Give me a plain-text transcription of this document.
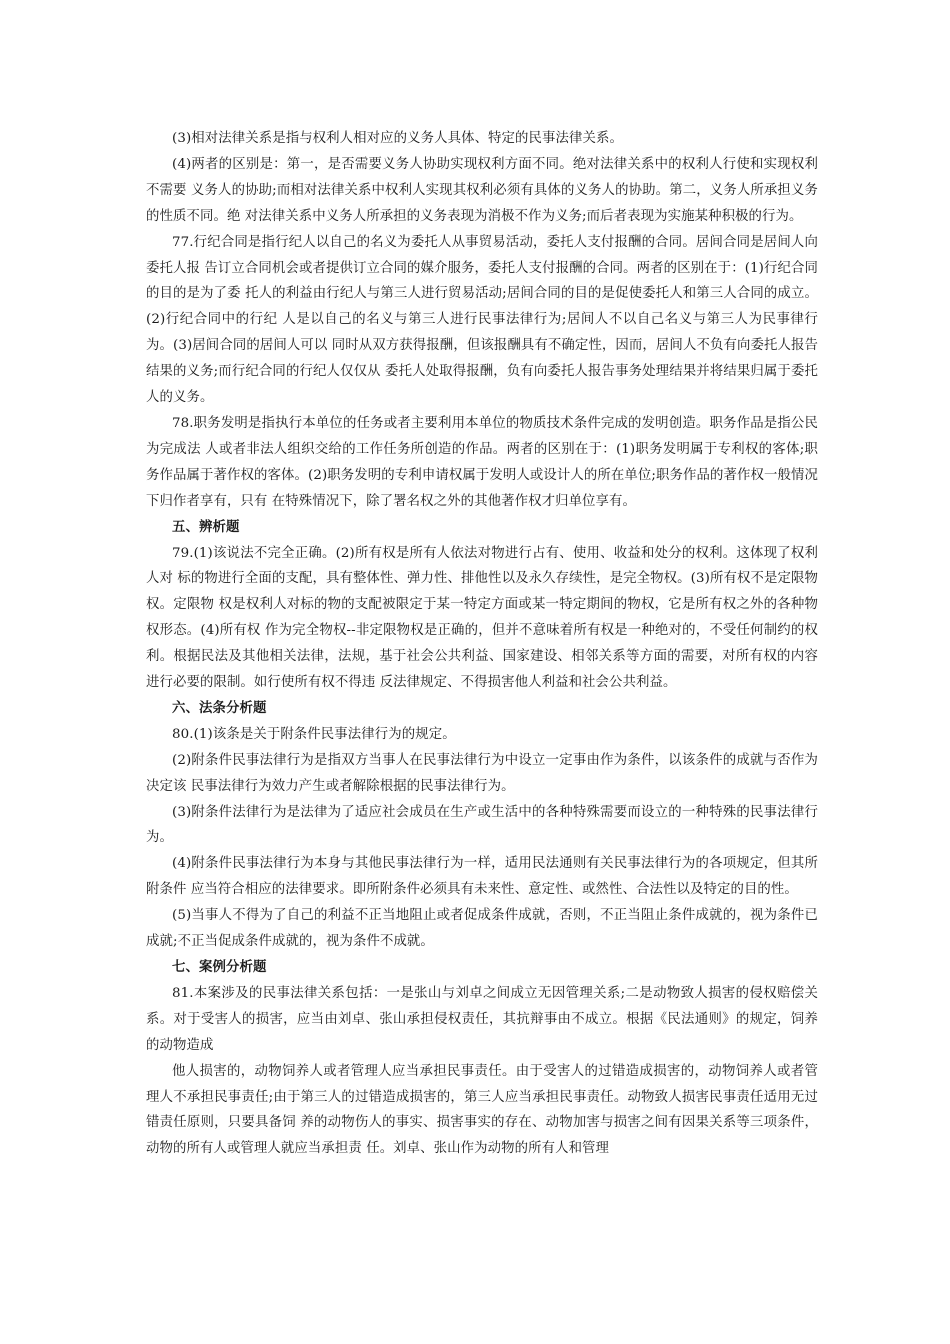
(3)相对法律关系是指与权利人相对应的义务人具体、特定的民事法律关系。

(4)两者的区别是：第一，是否需要义务人协助实现权利方面不同。绝对法律关系中的权利人行使和实现权利不需要 义务人的协助;而相对法律关系中权利人实现其权利必须有具体的义务人的协助。第二，义务人所承担义务的性质不同。绝 对法律关系中义务人所承担的义务表现为消极不作为义务;而后者表现为实施某种积极的行为。

77.行纪合同是指行纪人以自己的名义为委托人从事贸易活动，委托人支付报酬的合同。居间合同是居间人向委托人报 告订立合同机会或者提供订立合同的媒介服务，委托人支付报酬的合同。两者的区别在于：(1)行纪合同的目的是为了委 托人的利益由行纪人与第三人进行贸易活动;居间合同的目的是促使委托人和第三人合同的成立。(2)行纪合同中的行纪 人是以自己的名义与第三人进行民事法律行为;居间人不以自己名义与第三人为民事律行为。(3)居间合同的居间人可以 同时从双方获得报酬，但该报酬具有不确定性，因而，居间人不负有向委托人报告结果的义务;而行纪合同的行纪人仅仅从 委托人处取得报酬，负有向委托人报告事务处理结果并将结果归属于委托人的义务。

78.职务发明是指执行本单位的任务或者主要利用本单位的物质技术条件完成的发明创造。职务作品是指公民为完成法 人或者非法人组织交给的工作任务所创造的作品。两者的区别在于：(1)职务发明属于专利权的客体;职务作品属于著作权的客体。(2)职务发明的专利申请权属于发明人或设计人的所在单位;职务作品的著作权一般情况下归作者享有，只有 在特殊情况下，除了署名权之外的其他著作权才归单位享有。

五、辨析题

79.(1)该说法不完全正确。(2)所有权是所有人依法对物进行占有、使用、收益和处分的权利。这体现了权利人对 标的物进行全面的支配，具有整体性、弹力性、排他性以及永久存续性，是完全物权。(3)所有权不是定限物权。定限物 权是权利人对标的物的支配被限定于某一特定方面或某一特定期间的物权，它是所有权之外的各种物权形态。(4)所有权 作为完全物权--非定限物权是正确的，但并不意味着所有权是一种绝对的，不受任何制约的权利。根据民法及其他相关法律，法规，基于社会公共利益、国家建设、相邻关系等方面的需要，对所有权的内容进行必要的限制。如行使所有权不得违 反法律规定、不得损害他人利益和社会公共利益。

六、法条分析题

80.(1)该条是关于附条件民事法律行为的规定。

(2)附条件民事法律行为是指双方当事人在民事法律行为中设立一定事由作为条件，以该条件的成就与否作为决定该 民事法律行为效力产生或者解除根据的民事法律行为。

(3)附条件法律行为是法律为了适应社会成员在生产或生活中的各种特殊需要而设立的一种特殊的民事法律行为。

(4)附条件民事法律行为本身与其他民事法律行为一样，适用民法通则有关民事法律行为的各项规定，但其所附条件 应当符合相应的法律要求。即所附条件必须具有未来性、意定性、或然性、合法性以及特定的目的性。

(5)当事人不得为了自己的利益不正当地阻止或者促成条件成就，否则，不正当阻止条件成就的，视为条件已成就;不正当促成条件成就的，视为条件不成就。

七、案例分析题

81.本案涉及的民事法律关系包括：一是张山与刘卓之间成立无因管理关系;二是动物致人损害的侵权赔偿关系。对于受害人的损害，应当由刘卓、张山承担侵权责任，其抗辩事由不成立。根据《民法通则》的规定，饲养的动物造成

他人损害的，动物饲养人或者管理人应当承担民事责任。由于受害人的过错造成损害的，动物饲养人或者管理人不承担民事责任;由于第三人的过错造成损害的，第三人应当承担民事责任。动物致人损害民事责任适用无过错责任原则，只要具备饲 养的动物伤人的事实、损害事实的存在、动物加害与损害之间有因果关系等三项条件，动物的所有人或管理人就应当承担责 任。刘卓、张山作为动物的所有人和管理
